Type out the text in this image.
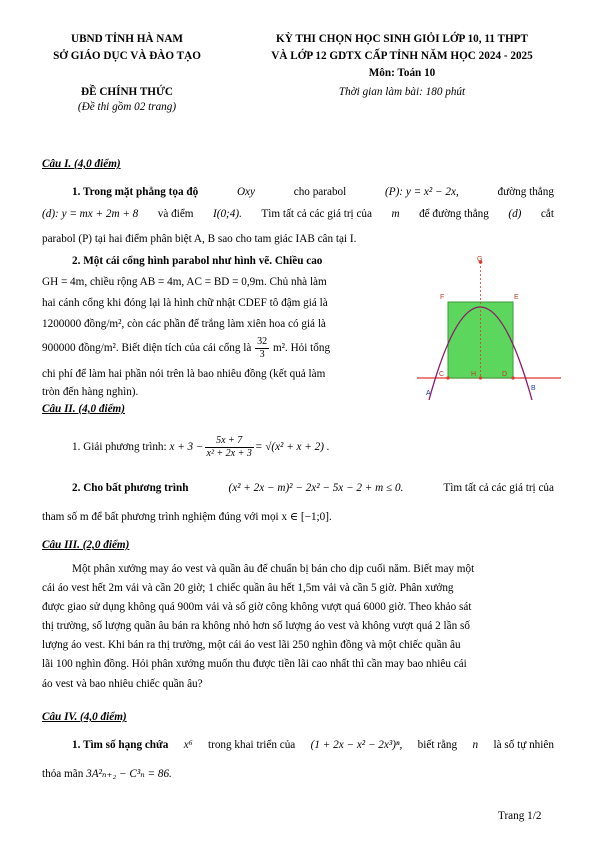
UBND TỈNH HÀ NAM
SỞ GIÁO DỤC VÀ ĐÀO TẠO
ĐỀ CHÍNH THỨC
(Đề thi gồm 02 trang)
KỲ THI CHỌN HỌC SINH GIỎI LỚP 10, 11 THPT
VÀ LỚP 12 GDTX CẤP TỈNH NĂM HỌC 2024 - 2025
Môn: Toán 10
Thời gian làm bài: 180 phút
Câu I. (4,0 điểm)
1. Trong mặt phẳng tọa độ	Oxy	cho parabol	(P): y = x² − 2x,	đường thẳng
(d): y = mx + 2m + 8 và điểm I(0;4). Tìm tất cả các giá trị của m để đường thẳng (d) cắt
parabol (P) tại hai điểm phân biệt A, B sao cho tam giác IAB cân tại I.
2. Một cái cổng hình parabol như hình vẽ. Chiều cao
GH = 4m, chiều rộng AB = 4m, AC = BD = 0,9m. Chủ nhà làm
hai cánh cổng khi đóng lại là hình chữ nhật CDEF tô đậm giá là
1200000 đồng/m², còn các phần để trắng làm xiên hoa có giá là
900000 đồng/m². Biết diện tích của cái cổng là $\frac{32}{3} m^2$. Hỏi tổng
chi phí để làm hai phần nói trên là bao nhiêu đồng (kết quả làm
tròn đến hàng nghìn).
G
F	E
C	H	D
A
B
Câu II. (4,0 điểm)
1. Giải phương trình:
$x + 3 - \frac{5x + 7}{\text{x² + 2x + 3}} = √(x^2 + x + 2)$ .
2. Cho bất phương trình	(x² + 2x − m)² − 2x² − 5x − 2 + m ≤ 0.	Tìm tất cả các giá trị của
tham số m để bất phương trình nghiệm đúng với mọi x ∈ [−1;0].
Câu III. (2,0 điểm)
Một phân xưởng may áo vest và quần âu để chuẩn bị bán cho dịp cuối năm. Biết may một
cái áo vest hết 2m vải và cần 20 giờ; 1 chiếc quần âu hết 1,5m vải và cần 5 giờ. Phân xưởng
được giao sử dụng không quá 900m vải và số giờ công không vượt quá 6000 giờ. Theo khảo sát
thị trường, số lượng quần âu bán ra không nhỏ hơn số lượng áo vest và không vượt quá 2 lần số
lượng áo vest. Khi bán ra thị trường, một cái áo vest lãi 250 nghìn đồng và một chiếc quần âu
lãi 100 nghìn đồng. Hỏi phân xưởng muốn thu được tiền lãi cao nhất thì cần may bao nhiêu cái
áo vest và bao nhiêu chiếc quần âu?
Câu IV. (4,0 điểm)
1. Tìm số hạng chứa x⁶ trong khai triển của (1 + 2x − x² − 2x³)ⁿ, biết rằng n là số tự nhiên
thỏa mãn 3A²ₙ₊₂ − C³ₙ = 86.
Trang 1/2
